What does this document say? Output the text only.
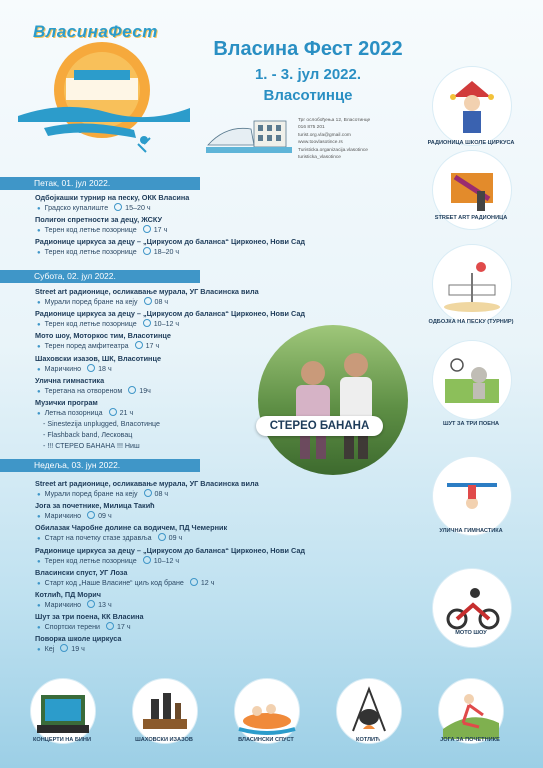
ВласинаФест
Власина Фест 2022
1. - 3. јул 2022.
Власотинце
Трг ослобођења 12, Власотинце
016 875 201
turist.org.vla@gmail.com
www.toovlasotince.rs
Turisticka.organizacija.vlasotince
turisticka_vlasotince
Петак, 01. јул 2022.
Одбојкашки турнир на песку, ОКК Власина
● Градско купалиште 15–20 ч
Полигон спретности за децу, ЖСКУ
● Терен код летње позорнице 17 ч
Радионице циркуса за децу – „Циркусом до баланса“ Цирконео, Нови Сад
● Терен код летње позорнице 18–20 ч
Субота, 02. јул 2022.
Street art радионице, осликавање мурала, УГ Власинска вила
● Мурали поред бране на кеју 08 ч
Радионице циркуса за децу – „Циркусом до баланса“ Цирконео, Нови Сад
● Терен код летње позорнице 10–12 ч
Мото шоу, Моторкос тим, Власотинце
● Терен поред амфитеатра 17 ч
Шаховски изазов, ШК, Власотинце
● Маричкино 18 ч
Улична гимнастика
● Теретана на отвореном 19ч
Музички програм
● Летња позорница 21 ч
- Sinestezija unplugged, Власотинце
- Flashback band, Лесковац
- !!! СТЕРЕО БАНАНА !!! Ниш
Недеља, 03. јун 2022.
Street art радионице, осликавање мурала, УГ Власинска вила
● Мурали поред бране на кеју 08 ч
Јога за почетнике, Милица Такић
● Маричкино 09 ч
Обилазак Чаробне долине са водичем, ПД Чемерник
● Старт на почетку стазе здравља 09 ч
Радионице циркуса за децу – „Циркусом до баланса“ Цирконео, Нови Сад
● Терен код летње позорнице 10–12 ч
Власински спуст, УГ Лоза
● Старт код „Наше Власине“ циљ код бране 12 ч
Котлић, ПД Морич
● Маричкино 13 ч
Шут за три поена, КК Власина
● Спортски терени 17 ч
Поворка школе циркуса
● Кеј 19 ч
СТЕРЕО БАНАНА
РАДИОНИЦА ШКОЛЕ ЦИРКУСА
STREET ART РАДИОНИЦА
ОДБОЈКА НА ПЕСКУ (ТУРНИР)
ШУТ ЗА ТРИ ПОЕНА
УЛИЧНА ГИМНАСТИКА
МОТО ШОУ
КОНЦЕРТИ НА БИНИ	ШАХОВСКИ ИЗАЗОВ	ВЛАСИНСКИ СПУСТ	КОТЛИЋ	ЈОГА ЗА ПОЧЕТНИКЕ
